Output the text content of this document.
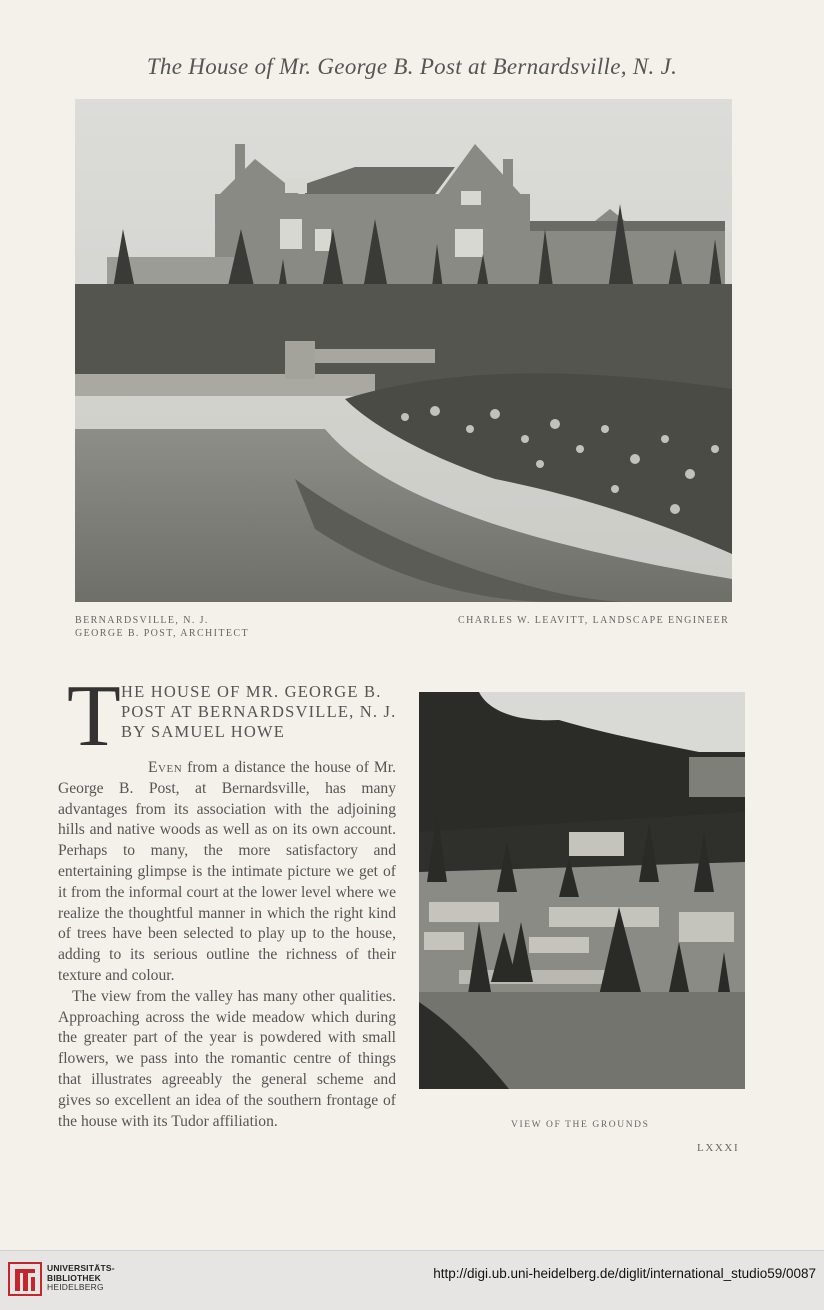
The House of Mr. George B. Post at Bernardsville, N. J.
BERNARDSVILLE, N. J.
GEORGE B. POST, ARCHITECT
CHARLES W. LEAVITT, LANDSCAPE ENGINEER
T HE HOUSE OF MR. GEORGE B.
POST AT BERNARDSVILLE, N. J.
BY SAMUEL HOWE

Even from a distance the house of Mr. George B. Post, at Bernardsville, has many advantages from its association with the adjoining hills and native woods as well as on its own account. Perhaps to many, the more satisfactory and entertaining glimpse is the intimate picture we get of it from the informal court at the lower level where we realize the thoughtful manner in which the right kind of trees have been selected to play up to the house, adding to its serious outline the richness of their texture and colour.

The view from the valley has many other qualities. Approaching across the wide meadow which during the greater part of the year is powdered with small flowers, we pass into the romantic centre of things that illustrates agreeably the general scheme and gives so excellent an idea of the southern frontage of the house with its Tudor affiliation.	VIEW OF THE GROUNDS
LXXXI
UNIVERSITÄTS-
BIBLIOTHEK
HEIDELBERG
http://digi.ub.uni-heidelberg.de/diglit/international_studio59/0087
